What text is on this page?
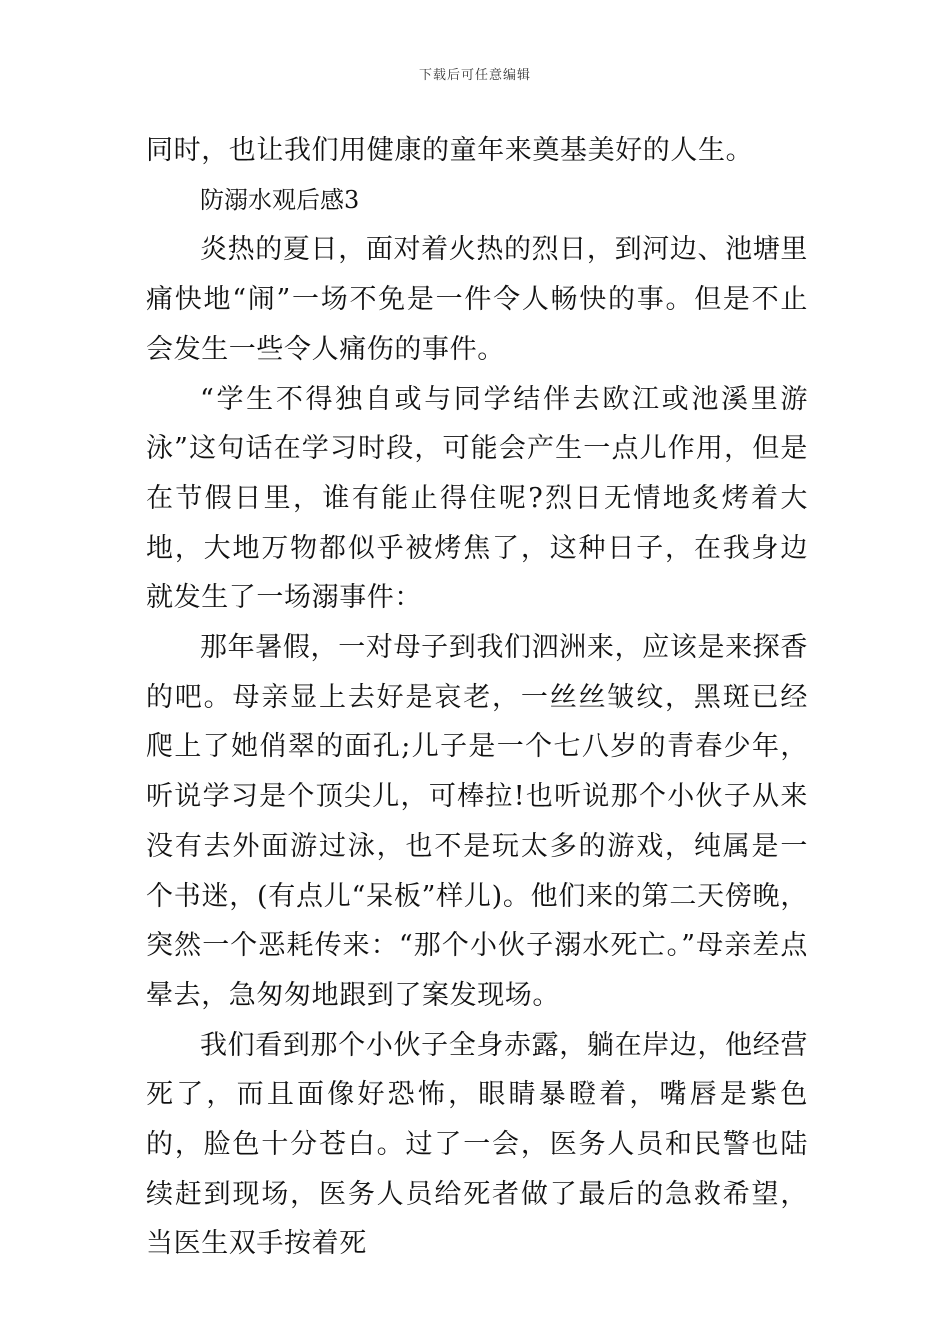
下载后可任意编辑

同时，也让我们用健康的童年来奠基美好的人生。

防溺水观后感3

炎热的夏日，面对着火热的烈日，到河边、池塘里痛快地“闹”一场不免是一件令人畅快的事。但是不止会发生一些令人痛伤的事件。

“学生不得独自或与同学结伴去欧江或池溪里游泳”这句话在学习时段，可能会产生一点儿作用，但是在节假日里，谁有能止得住呢?烈日无情地炙烤着大地，大地万物都似乎被烤焦了，这种日子，在我身边就发生了一场溺事件：

那年暑假，一对母子到我们泗洲来，应该是来探香的吧。母亲显上去好是哀老，一丝丝皱纹，黑斑已经爬上了她俏翠的面孔;儿子是一个七八岁的青春少年，听说学习是个顶尖儿，可棒拉!也听说那个小伙子从来没有去外面游过泳，也不是玩太多的游戏，纯属是一个书迷，(有点儿“呆板”样儿)。他们来的第二天傍晚，突然一个恶耗传来：“那个小伙子溺水死亡。”母亲差点晕去，急匆匆地跟到了案发现场。

我们看到那个小伙子全身赤露，躺在岸边，他经营死了，而且面像好恐怖，眼睛暴瞪着，嘴唇是紫色的，脸色十分苍白。过了一会，医务人员和民警也陆续赶到现场，医务人员给死者做了最后的急救希望，当医生双手按着死
